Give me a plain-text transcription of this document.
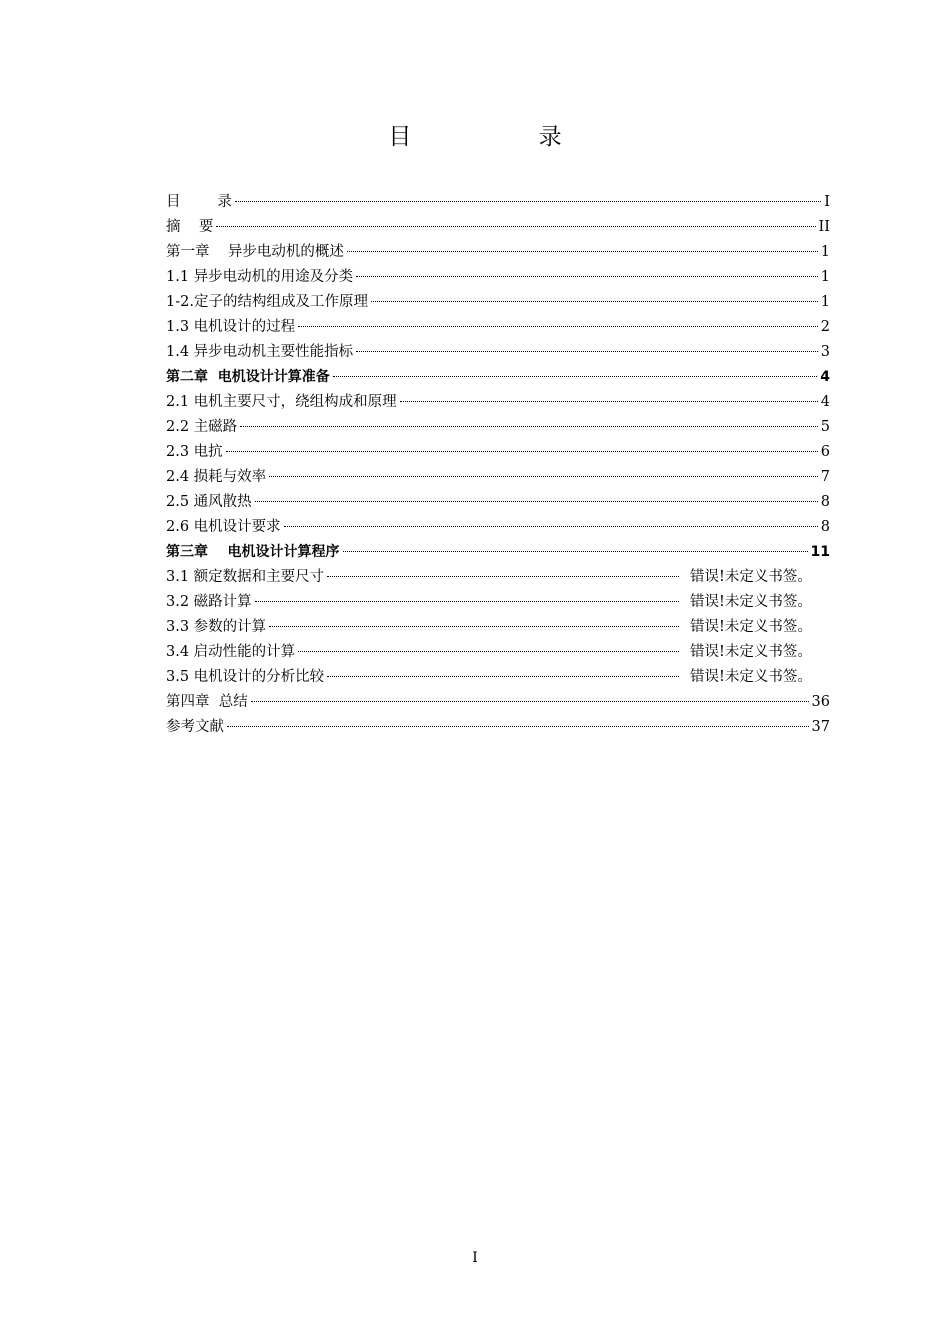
目 录
目        录	I
摘    要	II
第一章    异步电动机的概述	1
1.1 异步电动机的用途及分类	1
1-2.定子的结构组成及工作原理	1
1.3 电机设计的过程	2
1.4 异步电动机主要性能指标	3
第二章  电机设计计算准备	4
2.1 电机主要尺寸，绕组构成和原理	4
2.2 主磁路	5
2.3 电抗	6
2.4 损耗与效率	7
2.5 通风散热	8
2.6 电机设计要求	8
第三章    电机设计计算程序	11
3.1 额定数据和主要尺寸	错误!未定义书签。
3.2 磁路计算	错误!未定义书签。
3.3 参数的计算	错误!未定义书签。
3.4 启动性能的计算	错误!未定义书签。
3.5 电机设计的分析比较	错误!未定义书签。
第四章  总结	36
参考文献	37
I
